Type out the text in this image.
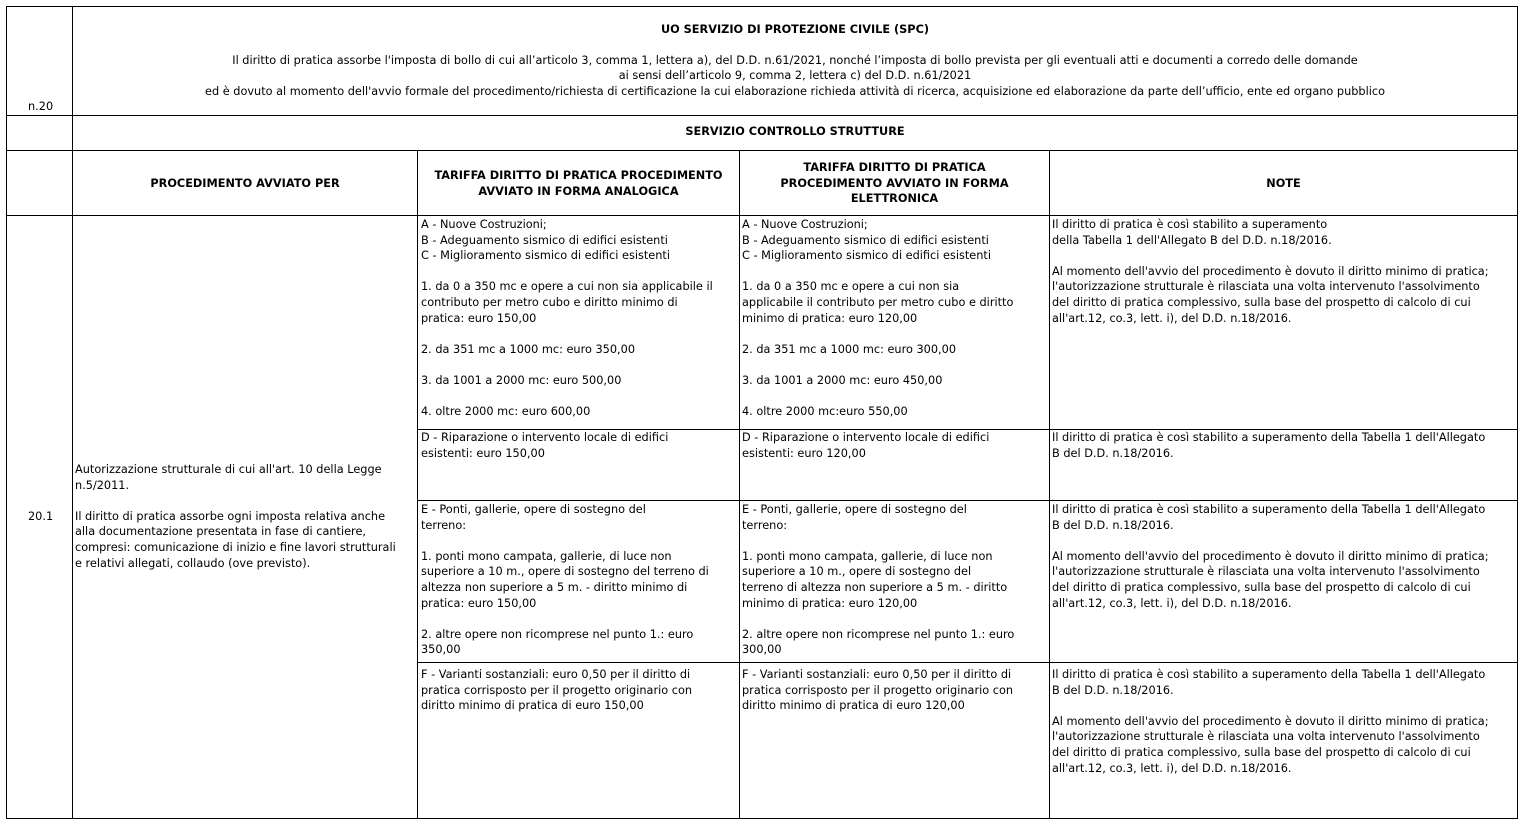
n.20
UO SERVIZIO DI PROTEZIONE CIVILE (SPC)
Il diritto di pratica assorbe l'imposta di bollo di cui all’articolo 3, comma 1, lettera a), del D.D. n.61/2021, nonché l’imposta di bollo prevista per gli eventuali atti e documenti a corredo delle domande
ai sensi dell’articolo 9, comma 2, lettera c) del D.D. n.61/2021
ed è dovuto al momento dell'avvio formale del procedimento/richiesta di certificazione la cui elaborazione richieda attività di ricerca, acquisizione ed elaborazione da parte dell’ufficio, ente ed organo pubblico
SERVIZIO CONTROLLO STRUTTURE
PROCEDIMENTO AVVIATO PER
TARIFFA DIRITTO DI PRATICA PROCEDIMENTO
AVVIATO IN FORMA ANALOGICA
TARIFFA DIRITTO DI PRATICA
PROCEDIMENTO AVVIATO IN FORMA
ELETTRONICA
NOTE
20.1
Autorizzazione strutturale di cui all'art. 10 della Legge
n.5/2011.

Il diritto di pratica assorbe ogni imposta relativa anche
alla documentazione presentata in fase di cantiere,
compresi: comunicazione di inizio e fine lavori strutturali
e relativi allegati, collaudo (ove previsto).
A - Nuove Costruzioni;
B - Adeguamento sismico di edifici esistenti
C - Miglioramento sismico di edifici esistenti

1. da 0 a 350 mc e opere a cui non sia applicabile il
contributo per metro cubo e diritto minimo di
pratica: euro 150,00

2. da 351 mc a 1000 mc: euro 350,00

3. da 1001 a 2000 mc: euro 500,00

4. oltre 2000 mc: euro 600,00
A - Nuove Costruzioni;
B - Adeguamento sismico di edifici esistenti
C - Miglioramento sismico di edifici esistenti

1. da 0 a 350 mc e opere a cui non sia
applicabile il contributo per metro cubo e diritto
minimo di pratica: euro 120,00

2. da 351 mc a 1000 mc: euro 300,00

3. da 1001 a 2000 mc: euro 450,00

4. oltre 2000 mc:euro 550,00
Il diritto di pratica è così stabilito a superamento
della Tabella 1 dell'Allegato B del D.D. n.18/2016.

Al momento dell'avvio del procedimento è dovuto il diritto minimo di pratica;
l'autorizzazione strutturale è rilasciata una volta intervenuto l'assolvimento
del diritto di pratica complessivo, sulla base del prospetto di calcolo di cui
all'art.12, co.3, lett. i), del D.D. n.18/2016.
D - Riparazione o intervento locale di edifici
esistenti: euro 150,00
D - Riparazione o intervento locale di edifici
esistenti: euro 120,00
Il diritto di pratica è così stabilito a superamento della Tabella 1 dell'Allegato
B del D.D. n.18/2016.
E - Ponti, gallerie, opere di sostegno del
terreno:

1. ponti mono campata, gallerie, di luce non
superiore a 10 m., opere di sostegno del terreno di
altezza non superiore a 5 m. - diritto minimo di
pratica: euro 150,00

2. altre opere non ricomprese nel punto 1.: euro
350,00
E - Ponti, gallerie, opere di sostegno del
terreno:

1. ponti mono campata, gallerie, di luce non
superiore a 10 m., opere di sostegno del
terreno di altezza non superiore a 5 m. - diritto
minimo di pratica: euro 120,00

2. altre opere non ricomprese nel punto 1.: euro
300,00
Il diritto di pratica è così stabilito a superamento della Tabella 1 dell'Allegato
B del D.D. n.18/2016.

Al momento dell'avvio del procedimento è dovuto il diritto minimo di pratica;
l'autorizzazione strutturale è rilasciata una volta intervenuto l'assolvimento
del diritto di pratica complessivo, sulla base del prospetto di calcolo di cui
all'art.12, co.3, lett. i), del D.D. n.18/2016.
F - Varianti sostanziali: euro 0,50 per il diritto di
pratica corrisposto per il progetto originario con
diritto minimo di pratica di euro 150,00
F - Varianti sostanziali: euro 0,50 per il diritto di
pratica corrisposto per il progetto originario con
diritto minimo di pratica di euro 120,00
Il diritto di pratica è così stabilito a superamento della Tabella 1 dell'Allegato
B del D.D. n.18/2016.

Al momento dell'avvio del procedimento è dovuto il diritto minimo di pratica;
l'autorizzazione strutturale è rilasciata una volta intervenuto l'assolvimento
del diritto di pratica complessivo, sulla base del prospetto di calcolo di cui
all'art.12, co.3, lett. i), del D.D. n.18/2016.
